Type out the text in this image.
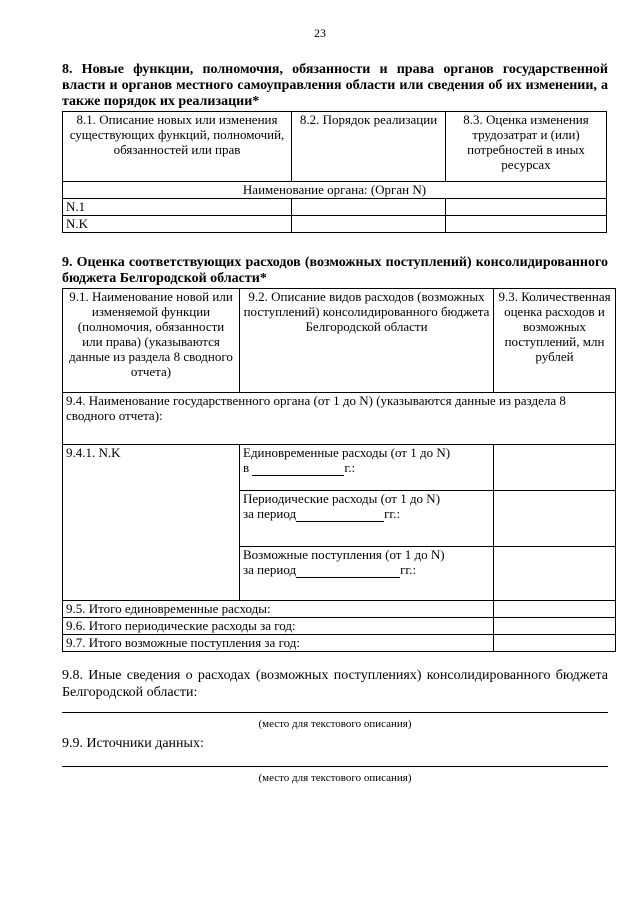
23
8. Новые функции, полномочия, обязанности и права органов государственной власти и органов местного самоуправления области или сведения об их изменении, а также порядок их реализации*
8.1. Описание новых или изменения существующих функций, полномочий, обязанностей или прав	8.2. Порядок реализации	8.3. Оценка изменения трудозатрат и (или) потребностей в иных ресурсах
Наименование органа: (Орган N)		
N.1		
N.K		
9. Оценка соответствующих расходов (возможных поступлений) консолидированного бюджета Белгородской области*
9.1. Наименование новой или изменяемой функции (полномочия, обязанности или права) (указываются данные из раздела 8 сводного отчета)	9.2. Описание видов расходов (возможных поступлений) консолидированного бюджета Белгородской области	9.3. Количественная оценка расходов и возможных поступлений, млн рублей
9.4. Наименование государственного органа (от 1 до N) (указываются данные из раздела 8 сводного отчета):		
9.4.1. N.K	Единовременные расходы (от 1 до N)
в г.:	
	Периодические расходы (от 1 до N)
за период гг.:	
	Возможные поступления (от 1 до N)
за период гг.:	
9.5. Итого единовременные расходы:		
9.6. Итого периодические расходы за год:		
9.7. Итого возможные поступления за год:		
9.8. Иные сведения о расходах (возможных поступлениях) консолидированного бюджета Белгородской области:
(место для текстового описания)
9.9. Источники данных:
(место для текстового описания)
